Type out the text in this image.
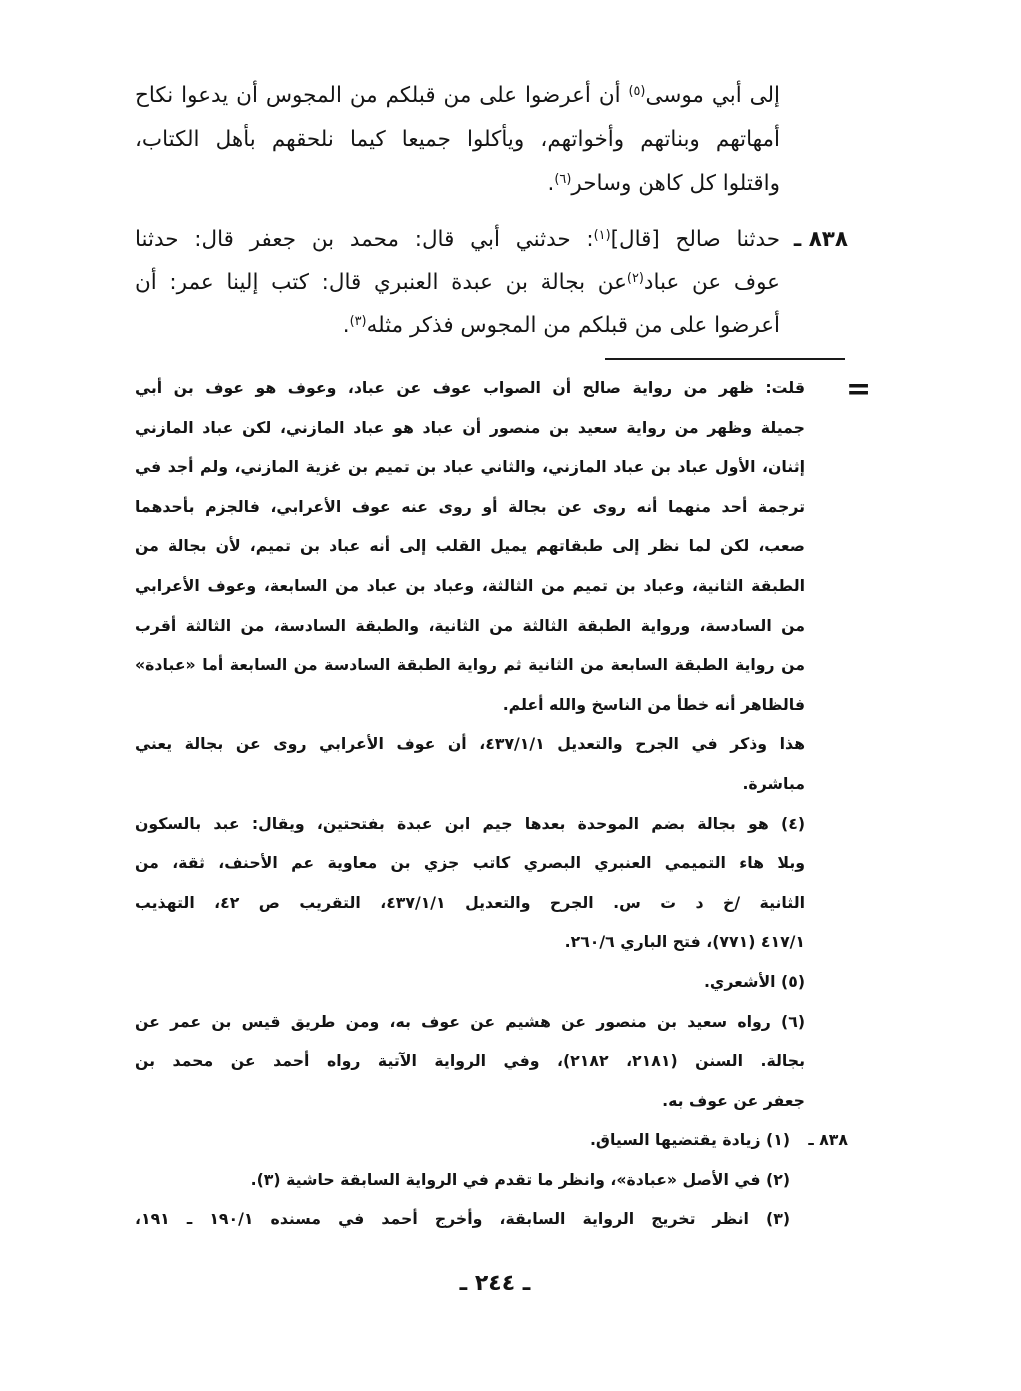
إلى أبي موسى$^{(٥)}$ أن أعرضوا على من قبلكم من المجوس أن يدعوا نكاح
أمهاتهم وبناتهم وأخواتهم، ويأكلوا جميعا كيما نلحقهم بأهل الكتاب،
واقتلوا كل كاهن وساحر$^{(٦)}$.
٨٣٨ ـ
حدثنا صالح [قال]$^{(١)}$: حدثني أبي قال: محمد بن جعفر قال: حدثنا
عوف عن عباد$^{(٢)}$عن بجالة بن عبدة العنبري قال: كتب إلينا عمر: أن
أعرضوا على من قبلكم من المجوس فذكر مثله$^{(٣)}$.
=
قلت: ظهر من رواية صالح أن الصواب عوف عن عباد، وعوف هو عوف بن أبي
جميلة وظهر من رواية سعيد بن منصور أن عباد هو عباد المازني، لكن عباد المازني
إثنان، الأول عباد بن عباد المازني، والثاني عباد بن تميم بن غزية المازني، ولم أجد في
ترجمة أحد منهما أنه روى عن بجالة أو روى عنه عوف الأعرابي، فالجزم بأحدهما
صعب، لكن لما نظر إلى طبقاتهم يميل القلب إلى أنه عباد بن تميم، لأن بجالة من
الطبقة الثانية، وعباد بن تميم من الثالثة، وعباد بن عباد من السابعة، وعوف الأعرابي
من السادسة، ورواية الطبقة الثالثة من الثانية، والطبقة السادسة، من الثالثة أقرب
من رواية الطبقة السابعة من الثانية ثم رواية الطبقة السادسة من السابعة أما «عبادة»
فالظاهر أنه خطأ من الناسخ والله أعلم.
هذا وذكر في الجرح والتعديل ٤٣٧/١/١، أن عوف الأعرابي روى عن بجالة يعني
مباشرة.
(٤) هو بجالة بضم الموحدة بعدها جيم ابن عبدة بفتحتين، ويقال: عبد بالسكون
وبلا هاء التميمي العنبري البصري كاتب جزي بن معاوية عم الأحنف، ثقة، من
الثانية /خ د ت س. الجرح والتعديل ٤٣٧/١/١، التقريب ص ٤٢، التهذيب
٤١٧/١ (٧٧١)، فتح الباري ٢٦٠/٦.
(٥) الأشعري.
(٦) رواه سعيد بن منصور عن هشيم عن عوف به، ومن طريق قيس بن عمر عن
بجالة. السنن (٢١٨١، ٢١٨٢)، وفي الرواية الآتية رواه أحمد عن محمد بن
جعفر عن عوف به.
٨٣٨ ـ
(١) زيادة يقتضيها السياق.
(٢) في الأصل «عبادة»، وانظر ما تقدم في الرواية السابقة حاشية (٣).
(٣) انظر تخريج الرواية السابقة، وأخرج أحمد في مسنده ١٩٠/١ ـ ١٩١،
ـ ٢٤٤ ـ
